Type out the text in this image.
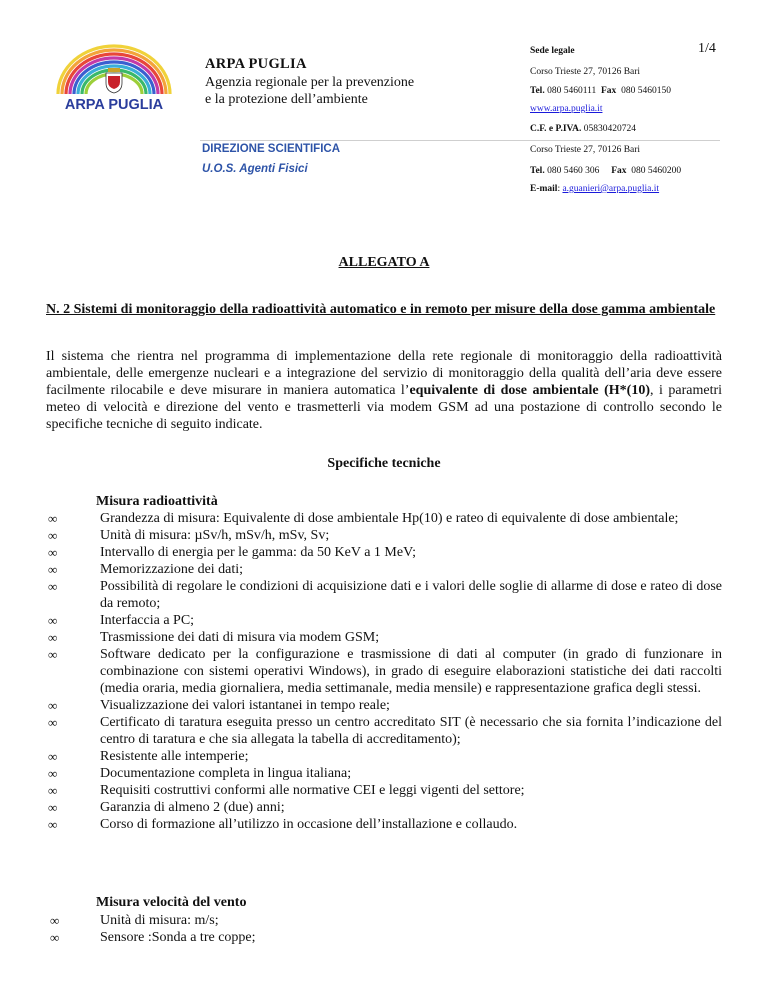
ARPA PUGLIA
ARPA PUGLIA
Agenzia regionale per la prevenzione
e la protezione dell’ambiente
1/4
Sede legale
Corso Trieste 27, 70126 Bari
Tel. 080 5460111 Fax 080 5460150
www.arpa.puglia.it
C.F. e P.IVA. 05830420724
DIREZIONE SCIENTIFICA
U.O.S. Agenti Fisici
Corso Trieste 27, 70126 Bari
Tel. 080 5460 306 Fax 080 5460200
E-mail: a.guanieri@arpa.puglia.it
ALLEGATO A
N. 2 Sistemi di monitoraggio della radioattività automatico e in remoto per misure della dose gamma ambientale
Il sistema che rientra nel programma di implementazione della rete regionale di monitoraggio della radioattività ambientale, delle emergenze nucleari e a integrazione del servizio di monitoraggio della qualità dell’aria deve essere facilmente rilocabile e deve misurare in maniera automatica l’equivalente di dose ambientale (H*(10), i parametri meteo di velocità e direzione del vento e trasmetterli via modem GSM ad una postazione di controllo secondo le specifiche tecniche di seguito indicate.
Specifiche tecniche
Misura radioattività
∞	Grandezza di misura: Equivalente di dose ambientale Hp(10) e rateo di equivalente di dose ambientale;
∞	Unità di misura: µSv/h, mSv/h, mSv, Sv;
∞	Intervallo di energia per le gamma: da 50 KeV a 1 MeV;
∞	Memorizzazione dei dati;
∞	Possibilità di regolare le condizioni di acquisizione dati e i valori delle soglie di allarme di dose e rateo di dose da remoto;
∞	Interfaccia a PC;
∞	Trasmissione dei dati di misura via modem GSM;
∞	Software dedicato per la configurazione e trasmissione di dati al computer (in grado di funzionare in combinazione con sistemi operativi Windows), in grado di eseguire elaborazioni statistiche dei dati raccolti (media oraria, media giornaliera, media settimanale, media mensile) e rappresentazione grafica degli stessi.
∞	Visualizzazione dei valori istantanei in tempo reale;
∞	Certificato di taratura eseguita presso un centro accreditato SIT (è necessario che sia fornita l’indicazione del centro di taratura e che sia allegata la tabella di accreditamento);
∞	Resistente alle intemperie;
∞	Documentazione completa in lingua italiana;
∞	Requisiti costruttivi conformi alle normative CEI e leggi vigenti del settore;
∞	Garanzia di almeno 2 (due) anni;
∞	Corso di formazione all’utilizzo in occasione dell’installazione e collaudo.
Misura velocità del vento
∞	Unità di misura: m/s;
∞	Sensore :Sonda a tre coppe;
